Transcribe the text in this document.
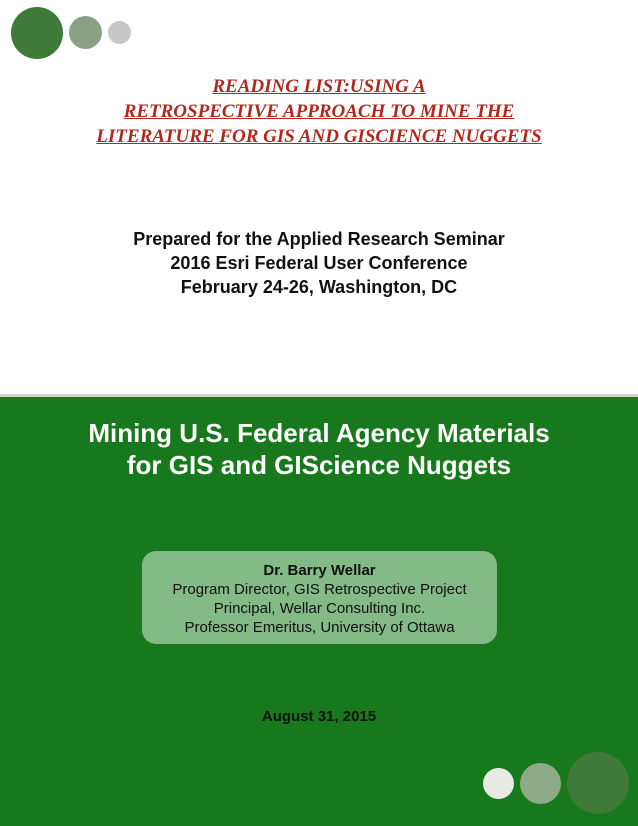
READING LIST:USING A
RETROSPECTIVE APPROACH TO MINE THE
LITERATURE FOR GIS AND GISCIENCE NUGGETS
Prepared for the Applied Research Seminar
2016 Esri Federal User Conference
February 24-26, Washington, DC
Mining U.S. Federal Agency Materials
for GIS and GIScience Nuggets
Dr. Barry Wellar
Program Director, GIS Retrospective Project
Principal, Wellar Consulting Inc.
Professor Emeritus, University of Ottawa
August 31, 2015
